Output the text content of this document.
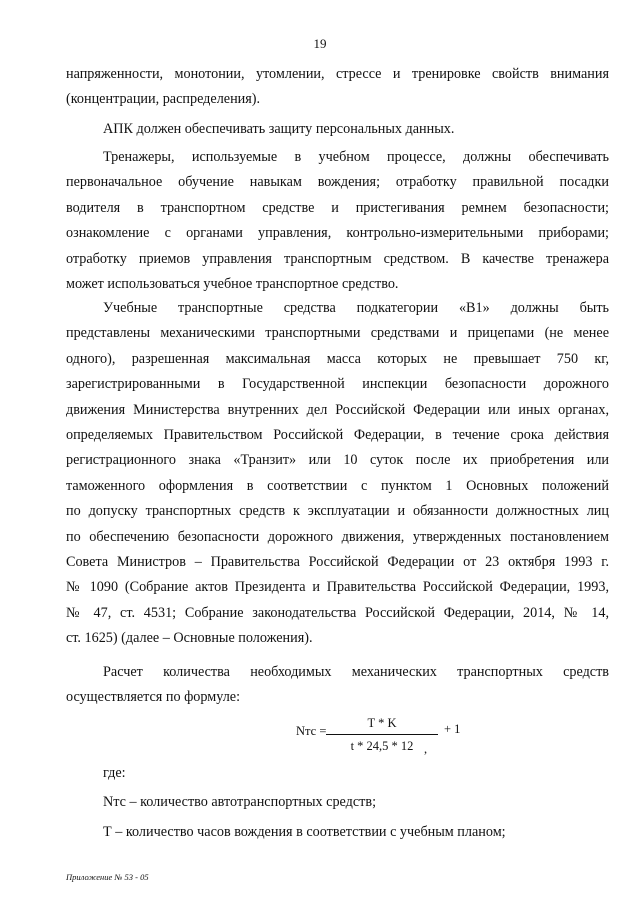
19
напряженности, монотонии, утомлении, стрессе и тренировке свойств внимания
(концентрации, распределения).
АПК должен обеспечивать защиту персональных данных.
Тренажеры, используемые в учебном процессе, должны обеспечивать
первоначальное обучение навыкам вождения; отработку правильной посадки
водителя в транспортном средстве и пристегивания ремнем безопасности;
ознакомление с органами управления, контрольно-измерительными приборами;
отработку приемов управления транспортным средством. В качестве тренажера
может использоваться учебное транспортное средство.
Учебные транспортные средства подкатегории «В1» должны быть
представлены механическими транспортными средствами и прицепами (не менее
одного), разрешенная максимальная масса которых не превышает 750 кг,
зарегистрированными в Государственной инспекции безопасности дорожного
движения Министерства внутренних дел Российской Федерации или иных органах,
определяемых Правительством Российской Федерации, в течение срока действия
регистрационного знака «Транзит» или 10 суток после их приобретения или
таможенного оформления в соответствии с пунктом 1 Основных положений
по допуску транспортных средств к эксплуатации и обязанности должностных лиц
по обеспечению безопасности дорожного движения, утвержденных постановлением
Совета Министров – Правительства Российской Федерации от 23 октября 1993 г.
№ 1090 (Собрание актов Президента и Правительства Российской Федерации, 1993,
№ 47, ст. 4531; Собрание законодательства Российской Федерации, 2014, № 14,
ст. 1625) (далее – Основные положения).
Расчет количества необходимых механических транспортных средств
осуществляется по формуле:
Nтс =
T * K
t * 24,5 * 12
+ 1
,
где:
Nтс – количество автотранспортных средств;
Т – количество часов вождения в соответствии с учебным планом;
Приложение № 53 - 05
